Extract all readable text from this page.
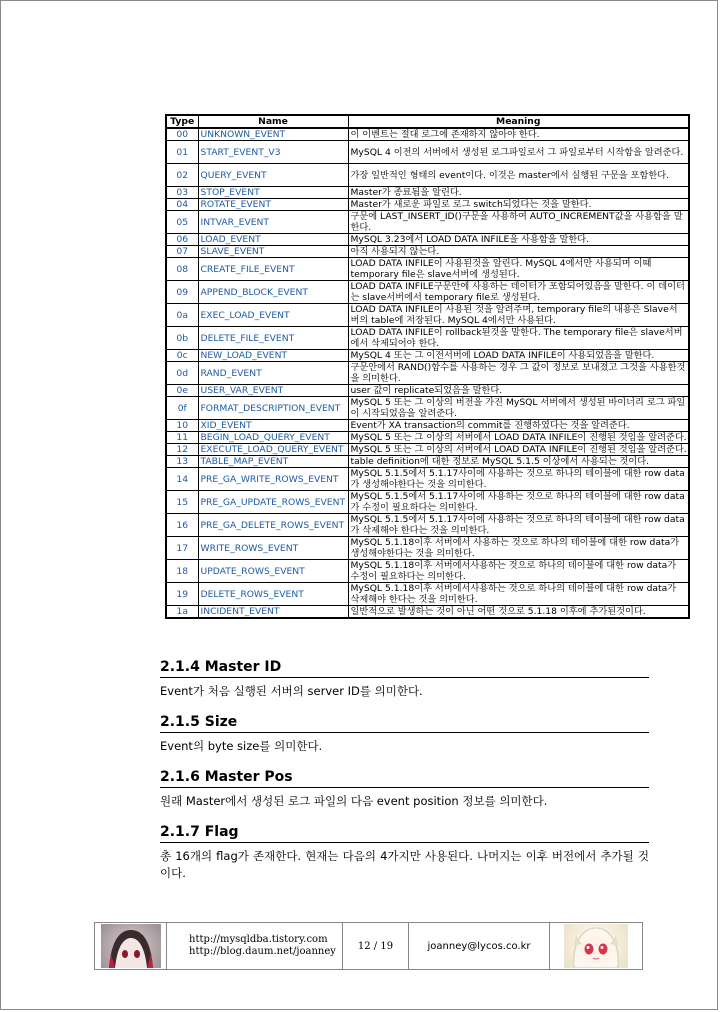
Type	Name	Meaning
00	UNKNOWN_EVENT	이 이벤트는 절대 로그에 존재하지 않아야 한다.
01	START_EVENT_V3	MySQL 4 이전의 서버에서 생성된 로그파일로서 그 파일로부터 시작함을 알려준다.
02	QUERY_EVENT	가장 일반적인 형태의 event이다. 이것은 master에서 실행된 구문을 포함한다.
03	STOP_EVENT	Master가 종료됨을 알린다.
04	ROTATE_EVENT	Master가 새로운 파일로 로그 switch되었다는 것을 말한다.
05	INTVAR_EVENT	구문에 LAST_INSERT_ID()구문을 사용하여 AUTO_INCREMENT값을 사용함을 말한다.
06	LOAD_EVENT	MySQL 3.23에서 LOAD DATA INFILE을 사용함을 말한다.
07	SLAVE_EVENT	아직 사용되지 않는다.
08	CREATE_FILE_EVENT	LOAD DATA INFILE이 사용된것을 알린다. MySQL 4에서만 사용되며 이때 temporary file은 slave서버에 생성된다.
09	APPEND_BLOCK_EVENT	LOAD DATA INFILE구문안에 사용하는 데이터가 포함되어있음을 말한다. 이 데이터는 slave서버에서 temporary file로 생성된다.
0a	EXEC_LOAD_EVENT	LOAD DATA INFILE이 사용된 것을 알려주며, temporary file의 내용은 Slave서버의 table에 저장된다. MySQL 4에서만 사용된다.
0b	DELETE_FILE_EVENT	LOAD DATA INFILE이 rollback된것을 말한다. The temporary file은 slave서버에서 삭제되어야 한다.
0c	NEW_LOAD_EVENT	MySQL 4 또는 그 이전서버에 LOAD DATA INFILE이 사용되었음을 말한다.
0d	RAND_EVENT	구문안에서 RAND()함수를 사용하는 경우 그 값이 정보로 보내졌고 그것을 사용한것을 의미한다.
0e	USER_VAR_EVENT	user 값이 replicate되었음을 말한다.
0f	FORMAT_DESCRIPTION_EVENT	MySQL 5 또는 그 이상의 버전을 가진 MySQL 서버에서 생성된 바이너리 로그 파일이 시작되었음을 알려준다.
10	XID_EVENT	Event가 XA transaction의 commit를 진행하였다는 것을 알려준다.
11	BEGIN_LOAD_QUERY_EVENT	MySQL 5 또는 그 이상의 서버에서 LOAD DATA INFILE이 진행된 것임을 알려준다.
12	EXECUTE_LOAD_QUERY_EVENT	MySQL 5 또는 그 이상의 서버에서 LOAD DATA INFILE이 진행된 것임을 알려준다.
13	TABLE_MAP_EVENT	table definition에 대한 정보로 MySQL 5.1.5 이상에서 사용되는 것이다.
14	PRE_GA_WRITE_ROWS_EVENT	MySQL 5.1.5에서 5.1.17사이에 사용하는 것으로 하나의 테이블에 대한 row data가 생성해야한다는 것을 의미한다.
15	PRE_GA_UPDATE_ROWS_EVENT	MySQL 5.1.5에서 5.1.17사이에 사용하는 것으로 하나의 테이블에 대한 row data가 수정이 필요하다는 의미한다.
16	PRE_GA_DELETE_ROWS_EVENT	MySQL 5.1.5에서 5.1.17사이에 사용하는 것으로 하나의 테이블에 대한 row data가 삭제해야 한다는 것을 의미한다.
17	WRITE_ROWS_EVENT	MySQL 5.1.18이후 서버에서 사용하는 것으로 하나의 테이블에 대한 row data가 생성해야한다는 것을 의미한다.
18	UPDATE_ROWS_EVENT	MySQL 5.1.18이후 서버에서사용하는 것으로 하나의 테이블에 대한 row data가 수정이 필요하다는 의미한다.
19	DELETE_ROWS_EVENT	MySQL 5.1.18이후 서버에서사용하는 것으로 하나의 테이블에 대한 row data가 삭제해야 한다는 것을 의미한다.
1a	INCIDENT_EVENT	일반적으로 발생하는 것이 아닌 어떤 것으로 5.1.18 이후에 추가된것이다.
2.1.4 Master ID
Event가 처음 실행된 서버의 server ID를 의미한다.
2.1.5 Size
Event의 byte size를 의미한다.
2.1.6 Master Pos
원래 Master에서 생성된 로그 파일의 다음 event position 정보를 의미한다.
2.1.7 Flag
총 16개의 flag가 존재한다. 현재는 다음의 4가지만 사용된다. 나머지는 이후 버전에서 추가될 것이다.
http://mysqldba.tistory.com
http://blog.daum.net/joanney	12 / 19	joanney@lycos.co.kr
